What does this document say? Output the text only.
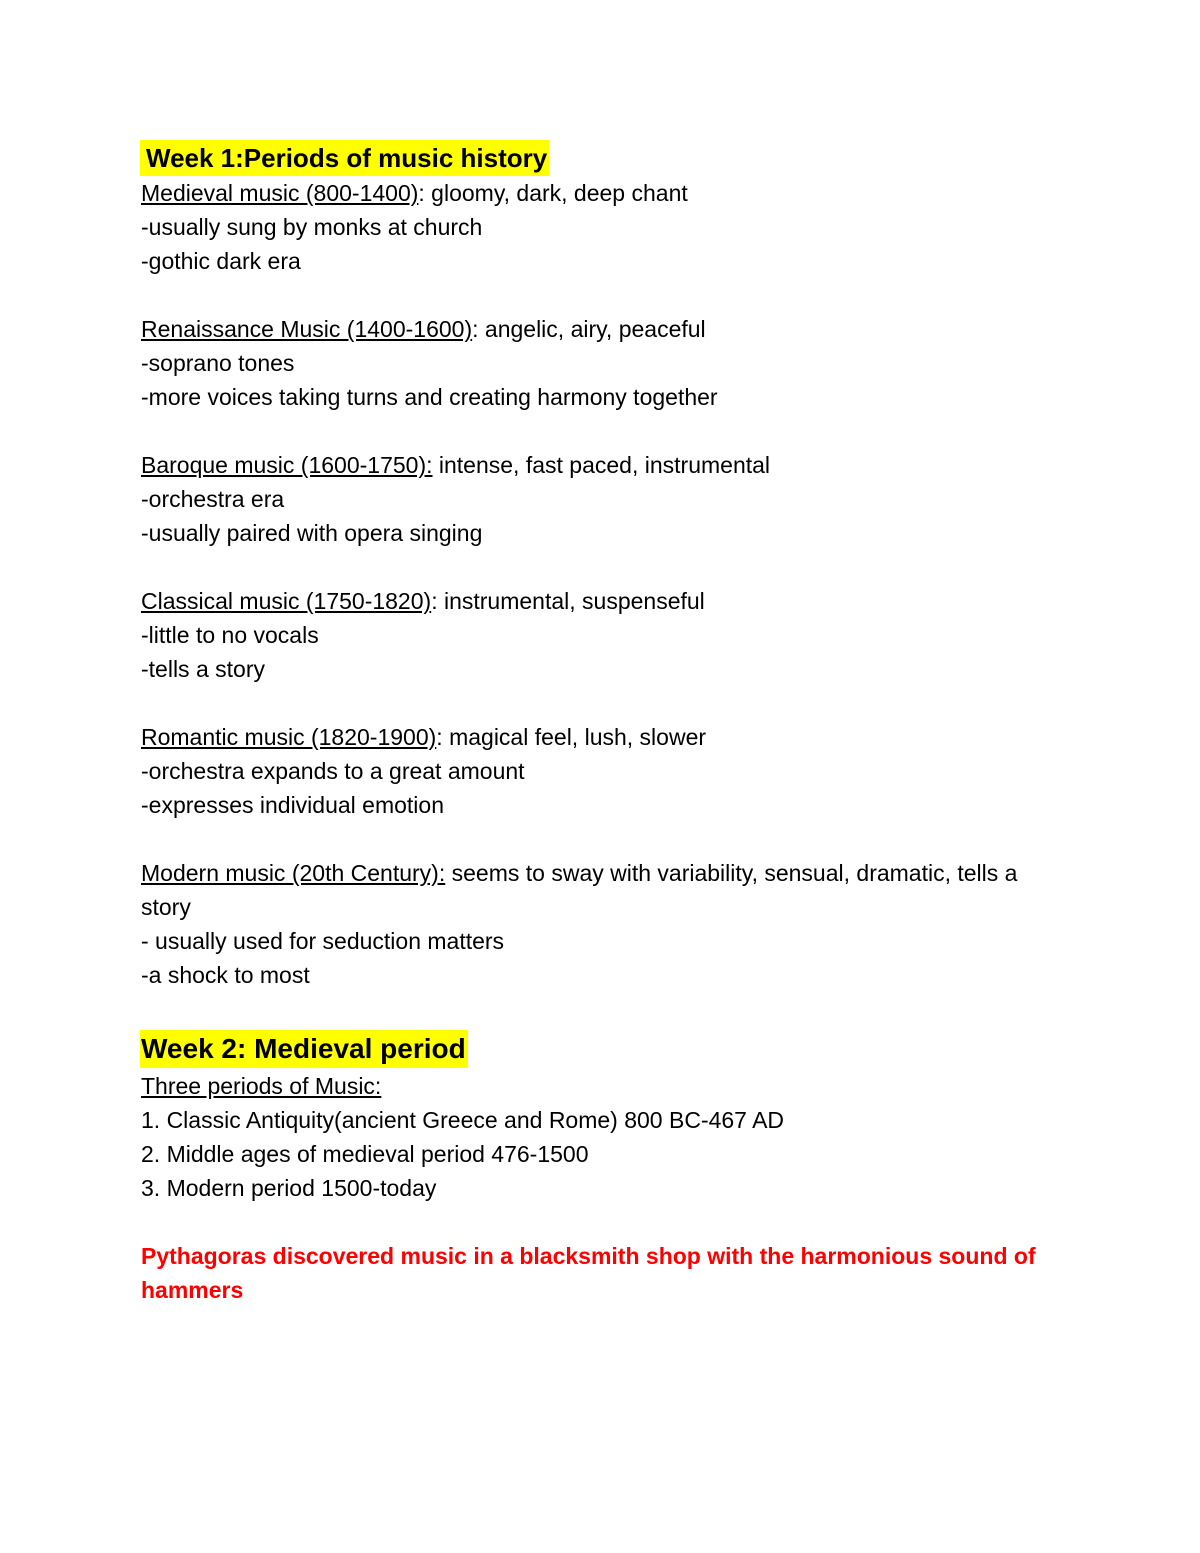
Week 1:Periods of music history
Medieval music (800-1400): gloomy, dark, deep chant
-usually sung by monks at church
-gothic dark era
Renaissance Music (1400-1600): angelic, airy, peaceful
-soprano tones
-more voices taking turns and creating harmony together
Baroque music (1600-1750): intense, fast paced, instrumental
-orchestra era
-usually paired with opera singing
Classical music (1750-1820): instrumental, suspenseful
-little to no vocals
-tells a story
Romantic music (1820-1900): magical feel, lush, slower
-orchestra expands to a great amount
-expresses individual emotion
Modern music (20th Century): seems to sway with variability, sensual, dramatic, tells a story
- usually used for seduction matters
-a shock to most
Week 2: Medieval period
Three periods of Music:
1. Classic Antiquity(ancient Greece and Rome) 800 BC-467 AD
2. Middle ages of medieval period 476-1500
3. Modern period 1500-today
Pythagoras discovered music in a blacksmith shop with the harmonious sound of hammers
